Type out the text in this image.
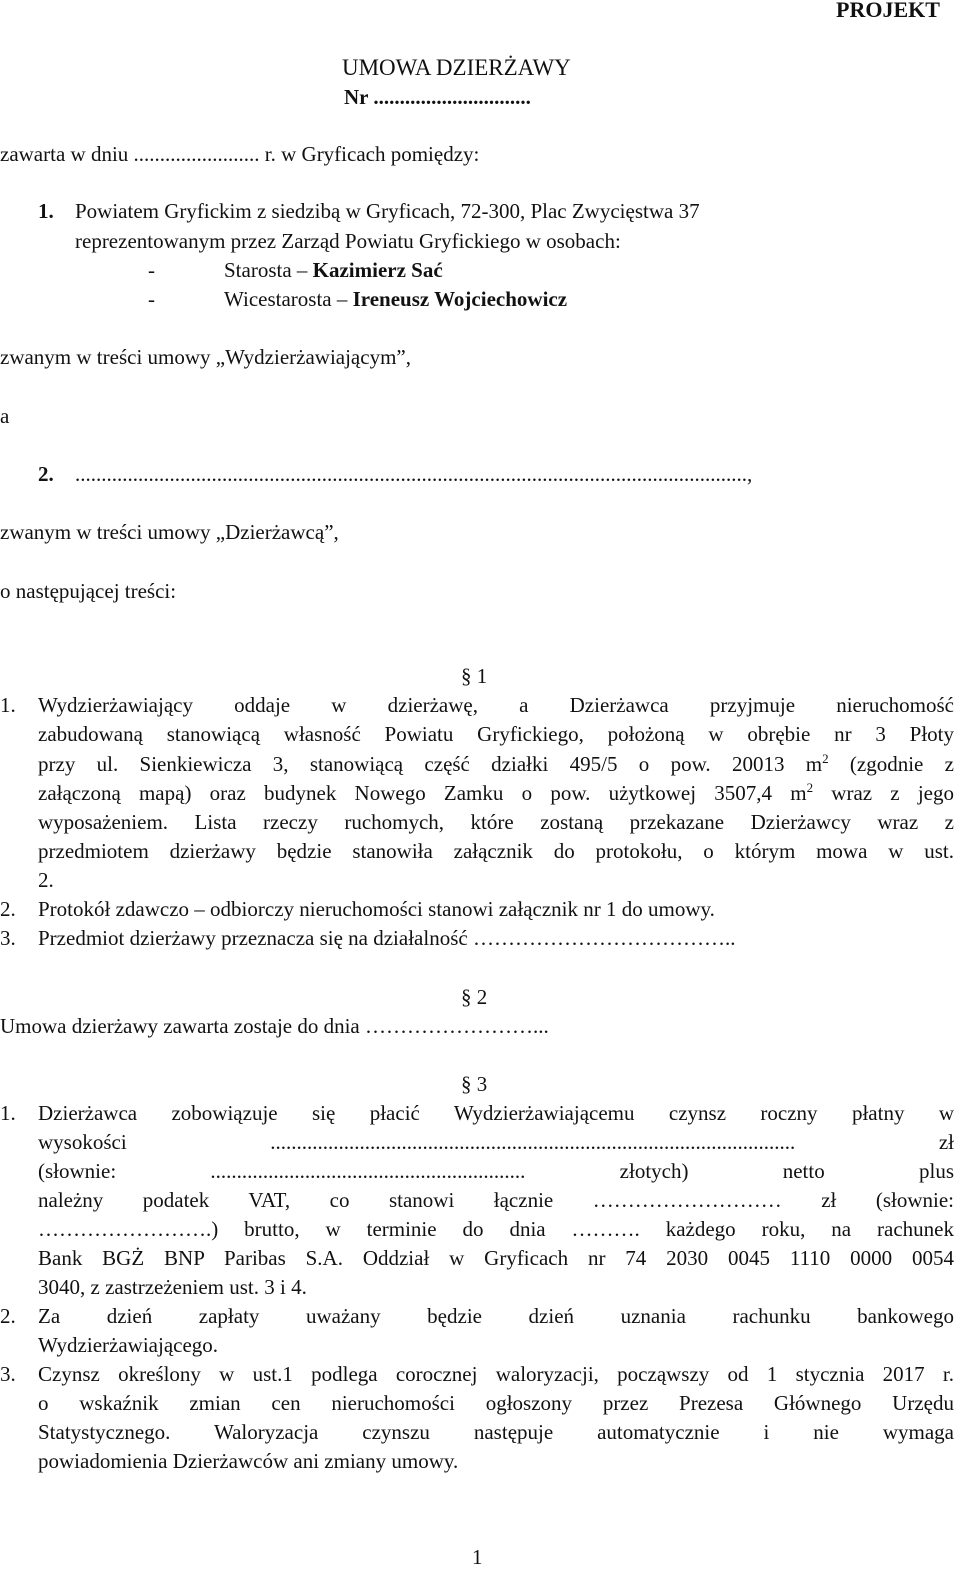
PROJEKT
UMOWA DZIERŻAWY
Nr ..............................
zawarta w dniu ........................ r. w Gryficach pomiędzy:
1. Powiatem Gryfickim z siedzibą w Gryficach, 72-300, Plac Zwycięstwa 37
reprezentowanym przez Zarząd Powiatu Gryfickiego w osobach:
-	Starosta – Kazimierz Sać
-	Wicestarosta – Ireneusz Wojciechowicz
zwanym w treści umowy „Wydzierżawiającym”,
a
2. ................................................................................................................................,
zwanym w treści umowy „Dzierżawcą”,
o następującej treści:
§ 1
1. Wydzierżawiający oddaje w dzierżawę, a Dzierżawca przyjmuje nieruchomość
zabudowaną stanowiącą własność Powiatu Gryfickiego, położoną w obrębie nr 3 Płoty
przy ul. Sienkiewicza 3, stanowiącą część działki 495/5 o pow. 20013 $m^2$ (zgodnie z
załączoną mapą) oraz budynek Nowego Zamku o pow. użytkowej 3507,4 $m^2$ wraz z jego
wyposażeniem. Lista rzeczy ruchomych, które zostaną przekazane Dzierżawcy wraz z
przedmiotem dzierżawy będzie stanowiła załącznik do protokołu, o którym mowa w ust.
2.
2. Protokół zdawczo – odbiorczy nieruchomości stanowi załącznik nr 1 do umowy.
3. Przedmiot dzierżawy przeznacza się na działalność ………………………………..
§ 2
Umowa dzierżawy zawarta zostaje do dnia ……………………...
§ 3
1. Dzierżawca zobowiązuje się płacić Wydzierżawiającemu czynsz roczny płatny w
wysokości .................................................................................................... zł
(słownie: ............................................................ złotych) netto plus
należny podatek VAT, co stanowi łącznie ……………………… zł (słownie:
…………………….) brutto, w terminie do dnia ………. każdego roku, na rachunek
Bank BGŻ BNP Paribas S.A. Oddział w Gryficach nr 74 2030 0045 1110 0000 0054
3040, z zastrzeżeniem ust. 3 i 4.
2. Za dzień zapłaty uważany będzie dzień uznania rachunku bankowego
Wydzierżawiającego.
3. Czynsz określony w ust.1 podlega corocznej waloryzacji, począwszy od 1 stycznia 2017 r.
o wskaźnik zmian cen nieruchomości ogłoszony przez Prezesa Głównego Urzędu
Statystycznego. Waloryzacja czynszu następuje automatycznie i nie wymaga
powiadomienia Dzierżawców ani zmiany umowy.
1
